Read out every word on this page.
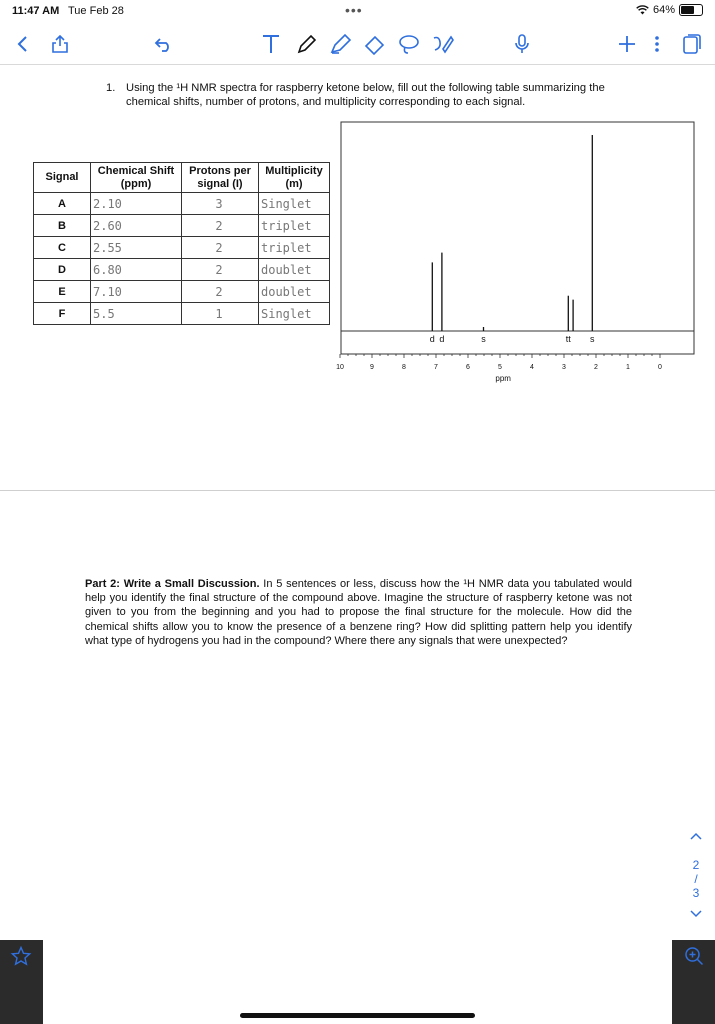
11:47 AM Tue Feb 28	•••	64%
1. Using the ¹H NMR spectra for raspberry ketone below, fill out the following table summarizing the chemical shifts, number of protons, and multiplicity corresponding to each signal.
Signal	Chemical Shift (ppm)	Protons per signal (I)	Multiplicity (m)
A	2.10	3	Singlet
B	2.60	2	triplet
C	2.55	2	triplet
D	6.80	2	doublet
E	7.10	2	doublet
F	5.5	1	Singlet
d d	s	tt s
10	9	8	7	6	5	4	3	2	1	0
ppm
Part 2: Write a Small Discussion. In 5 sentences or less, discuss how the ¹H NMR data you tabulated would help you identify the final structure of the compound above. Imagine the structure of raspberry ketone was not given to you from the beginning and you had to propose the final structure for the molecule. How did the chemical shifts allow you to know the presence of a benzene ring? How did splitting pattern help you identify what type of hydrogens you had in the compound? Where there any signals that were unexpected?
2
/
3
